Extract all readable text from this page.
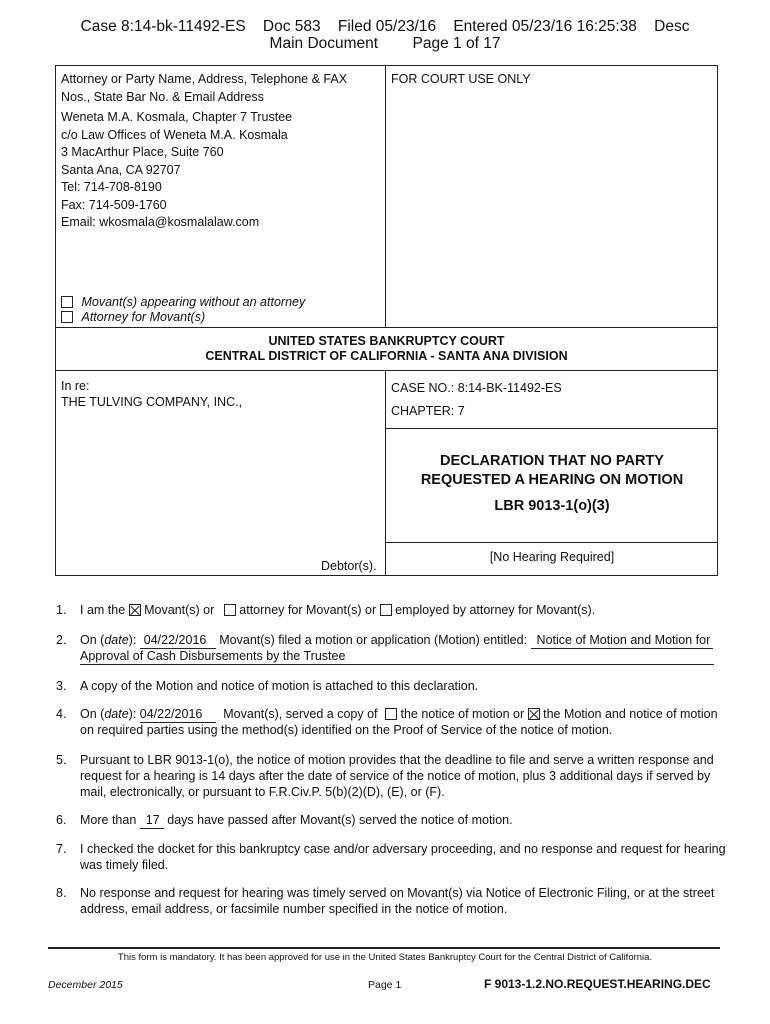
Case 8:14-bk-11492-ES    Doc 583    Filed 05/23/16    Entered 05/23/16 16:25:38    Desc
Main Document        Page 1 of 17
Attorney or Party Name, Address, Telephone & FAX
Nos., State Bar No. & Email Address
Weneta M.A. Kosmala, Chapter 7 Trustee
c/o Law Offices of Weneta M.A. Kosmala
3 MacArthur Place, Suite 760
Santa Ana, CA 92707
Tel: 714-708-8190
Fax: 714-509-1760
Email: wkosmala@kosmalalaw.com
Movant(s) appearing without an attorney
Attorney for Movant(s)
FOR COURT USE ONLY
UNITED STATES BANKRUPTCY COURT
CENTRAL DISTRICT OF CALIFORNIA - SANTA ANA DIVISION
In re:
THE TULVING COMPANY, INC.,
Debtor(s).
CASE NO.: 8:14-BK-11492-ES
CHAPTER: 7
DECLARATION THAT NO PARTY
REQUESTED A HEARING ON MOTION
LBR 9013-1(o)(3)
[No Hearing Required]
1. I am the Movant(s) or attorney for Movant(s) or employed by attorney for Movant(s).
2. On (date): 04/22/2016 Movant(s) filed a motion or application (Motion) entitled: Notice of Motion and Motion for
Approval of Cash Disbursements by the Trustee
3. A copy of the Motion and notice of motion is attached to this declaration.
4. On (date): 04/22/2016 Movant(s), served a copy of the notice of motion or the Motion and notice of motion
on required parties using the method(s) identified on the Proof of Service of the notice of motion.
5. Pursuant to LBR 9013-1(o), the notice of motion provides that the deadline to file and serve a written response and
request for a hearing is 14 days after the date of service of the notice of motion, plus 3 additional days if served by
mail, electronically, or pursuant to F.R.Civ.P. 5(b)(2)(D), (E), or (F).
6. More than 17 days have passed after Movant(s) served the notice of motion.
7. I checked the docket for this bankruptcy case and/or adversary proceeding, and no response and request for hearing
was timely filed.
8. No response and request for hearing was timely served on Movant(s) via Notice of Electronic Filing, or at the street
address, email address, or facsimile number specified in the notice of motion.
This form is mandatory. It has been approved for use in the United States Bankruptcy Court for the Central District of California.
December 2015	Page 1	F 9013-1.2.NO.REQUEST.HEARING.DEC
